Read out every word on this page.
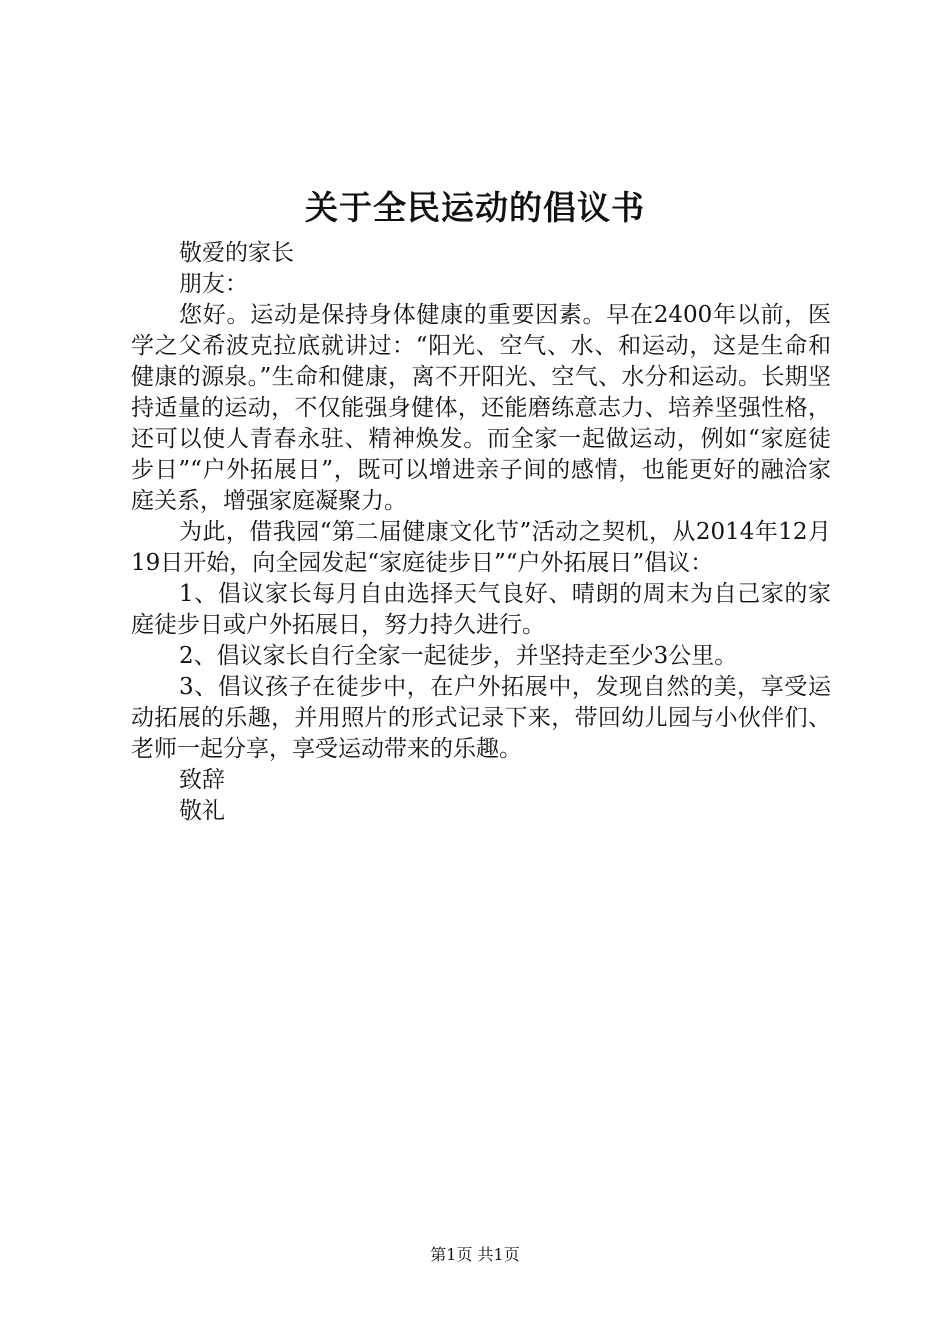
关于全民运动的倡议书

敬爱的家长

朋友：

您好。运动是保持身体健康的重要因素。早在2400年以前，医学之父希波克拉底就讲过：“阳光、空气、水、和运动，这是生命和健康的源泉。”生命和健康，离不开阳光、空气、水分和运动。长期坚持适量的运动，不仅能强身健体，还能磨练意志力、培养坚强性格，还可以使人青春永驻、精神焕发。而全家一起做运动，例如“家庭徒步日”“户外拓展日”，既可以增进亲子间的感情，也能更好的融洽家庭关系，增强家庭凝聚力。

为此，借我园“第二届健康文化节”活动之契机，从2014年12月19日开始，向全园发起“家庭徒步日”“户外拓展日”倡议：

1、倡议家长每月自由选择天气良好、晴朗的周末为自己家的家庭徒步日或户外拓展日，努力持久进行。

2、倡议家长自行全家一起徒步，并坚持走至少3公里。

3、倡议孩子在徒步中，在户外拓展中，发现自然的美，享受运动拓展的乐趣，并用照片的形式记录下来，带回幼儿园与小伙伴们、老师一起分享，享受运动带来的乐趣。

致辞

敬礼

第1页 共1页
